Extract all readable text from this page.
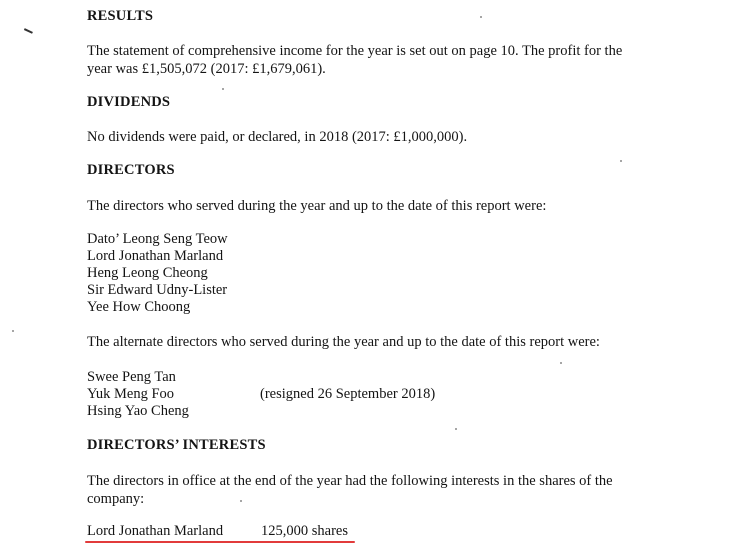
RESULTS
The statement of comprehensive income for the year is set out on page 10. The profit for the
year was £1,505,072 (2017: £1,679,061).
DIVIDENDS
No dividends were paid, or declared, in 2018 (2017: £1,000,000).
DIRECTORS
The directors who served during the year and up to the date of this report were:
Dato’ Leong Seng Teow
Lord Jonathan Marland
Heng Leong Cheong
Sir Edward Udny-Lister
Yee How Choong
The alternate directors who served during the year and up to the date of this report were:
Swee Peng Tan
Yuk Meng Foo	(resigned 26 September 2018)
Hsing Yao Cheng
DIRECTORS’ INTERESTS
The directors in office at the end of the year had the following interests in the shares of the
company:
Lord Jonathan Marland	125,000 shares
